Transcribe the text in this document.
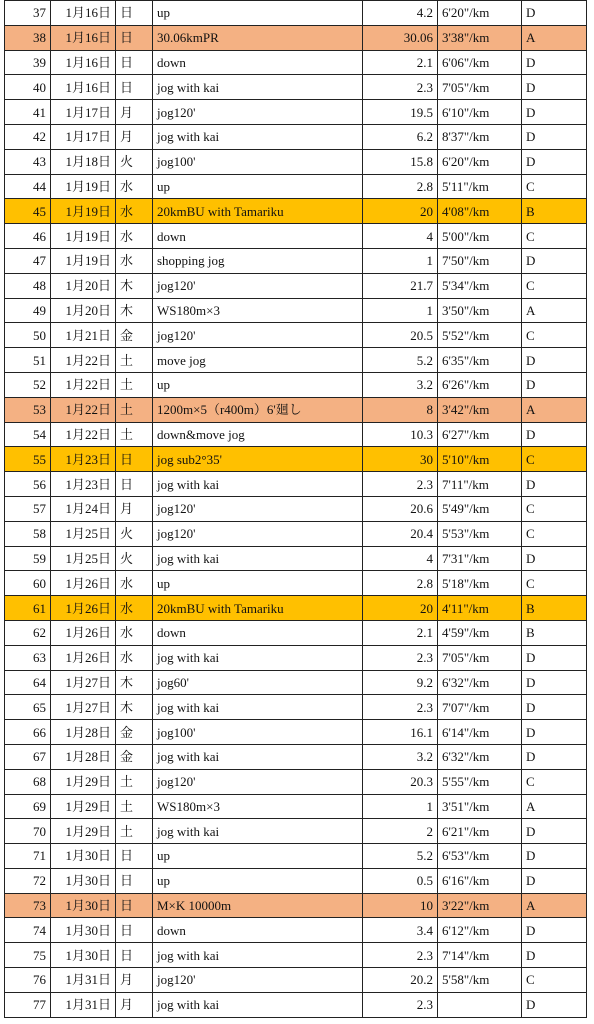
37	1月16日	日	up	4.2	6'20"/km	D
38	1月16日	日	30.06kmPR	30.06	3'38"/km	A
39	1月16日	日	down	2.1	6'06"/km	D
40	1月16日	日	jog with kai	2.3	7'05"/km	D
41	1月17日	月	jog120'	19.5	6'10"/km	D
42	1月17日	月	jog with kai	6.2	8'37"/km	D
43	1月18日	火	jog100'	15.8	6'20"/km	D
44	1月19日	水	up	2.8	5'11"/km	C
45	1月19日	水	20kmBU with Tamariku	20	4'08"/km	B
46	1月19日	水	down	4	5'00"/km	C
47	1月19日	水	shopping jog	1	7'50"/km	D
48	1月20日	木	jog120'	21.7	5'34"/km	C
49	1月20日	木	WS180m×3	1	3'50"/km	A
50	1月21日	金	jog120'	20.5	5'52"/km	C
51	1月22日	土	move jog	5.2	6'35"/km	D
52	1月22日	土	up	3.2	6'26"/km	D
53	1月22日	土	1200m×5（r400m）6'廻し	8	3'42"/km	A
54	1月22日	土	down&move jog	10.3	6'27"/km	D
55	1月23日	日	jog sub2°35'	30	5'10"/km	C
56	1月23日	日	jog with kai	2.3	7'11"/km	D
57	1月24日	月	jog120'	20.6	5'49"/km	C
58	1月25日	火	jog120'	20.4	5'53"/km	C
59	1月25日	火	jog with kai	4	7'31"/km	D
60	1月26日	水	up	2.8	5'18"/km	C
61	1月26日	水	20kmBU with Tamariku	20	4'11"/km	B
62	1月26日	水	down	2.1	4'59"/km	B
63	1月26日	水	jog with kai	2.3	7'05"/km	D
64	1月27日	木	jog60'	9.2	6'32"/km	D
65	1月27日	木	jog with kai	2.3	7'07"/km	D
66	1月28日	金	jog100'	16.1	6'14"/km	D
67	1月28日	金	jog with kai	3.2	6'32"/km	D
68	1月29日	土	jog120'	20.3	5'55"/km	C
69	1月29日	土	WS180m×3	1	3'51"/km	A
70	1月29日	土	jog with kai	2	6'21"/km	D
71	1月30日	日	up	5.2	6'53"/km	D
72	1月30日	日	up	0.5	6'16"/km	D
73	1月30日	日	M×K 10000m	10	3'22"/km	A
74	1月30日	日	down	3.4	6'12"/km	D
75	1月30日	日	jog with kai	2.3	7'14"/km	D
76	1月31日	月	jog120'	20.2	5'58"/km	C
77	1月31日	月	jog with kai	2.3		D
